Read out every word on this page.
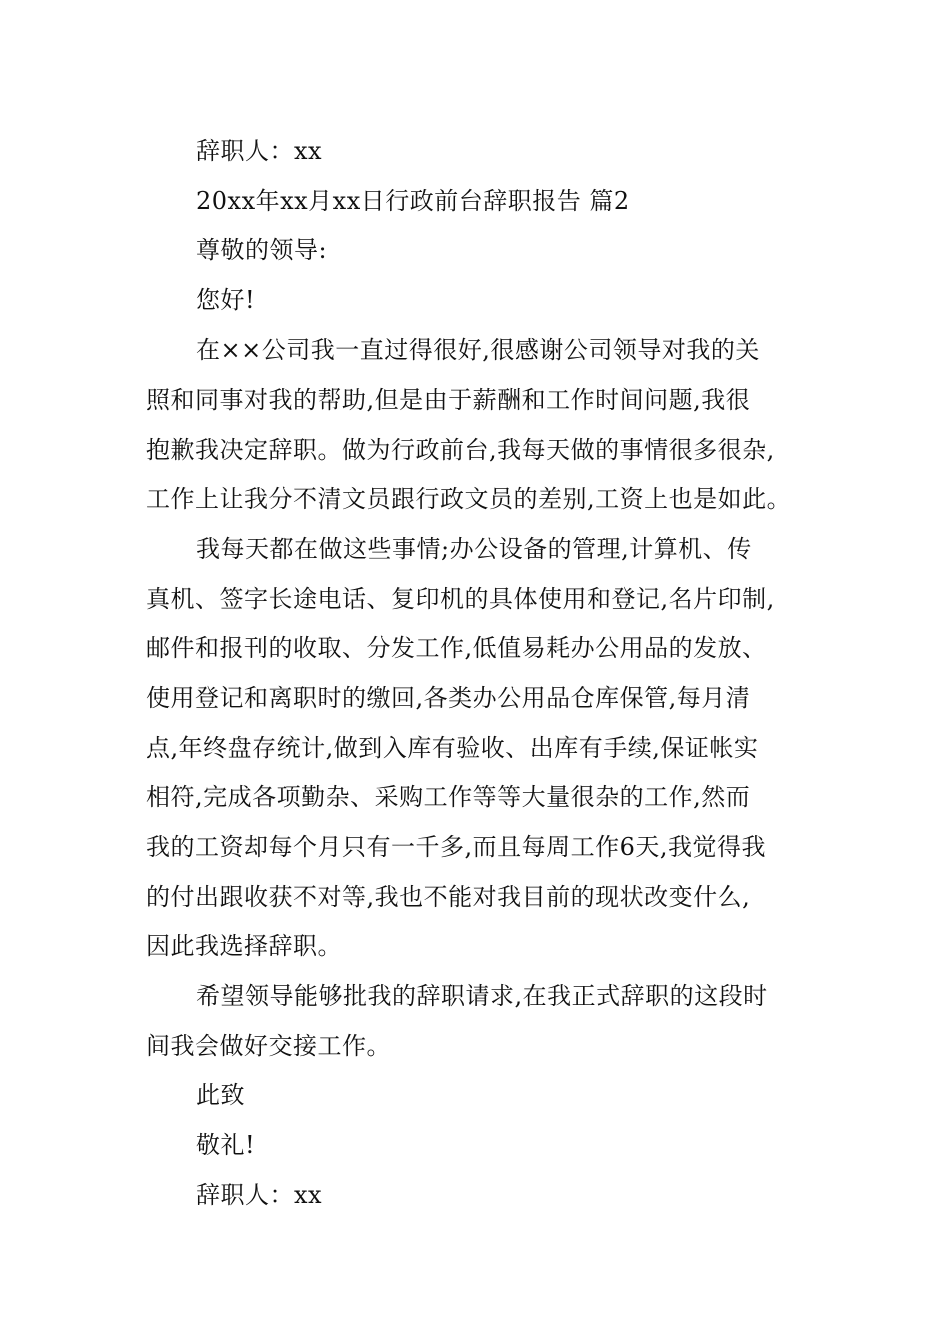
辞职人：xx
20xx年xx月xx日行政前台辞职报告 篇2
尊敬的领导:
您好!
在××公司我一直过得很好,很感谢公司领导对我的关
照和同事对我的帮助,但是由于薪酬和工作时间问题,我很
抱歉我决定辞职。做为行政前台,我每天做的事情很多很杂,
工作上让我分不清文员跟行政文员的差别,工资上也是如此。
我每天都在做这些事情;办公设备的管理,计算机、传
真机、签字长途电话、复印机的具体使用和登记,名片印制,
邮件和报刊的收取、分发工作,低值易耗办公用品的发放、
使用登记和离职时的缴回,各类办公用品仓库保管,每月清
点,年终盘存统计,做到入库有验收、出库有手续,保证帐实
相符,完成各项勤杂、采购工作等等大量很杂的工作,然而
我的工资却每个月只有一千多,而且每周工作6天,我觉得我
的付出跟收获不对等,我也不能对我目前的现状改变什么,
因此我选择辞职。
希望领导能够批我的辞职请求,在我正式辞职的这段时
间我会做好交接工作。
此致
敬礼!
辞职人：xx
